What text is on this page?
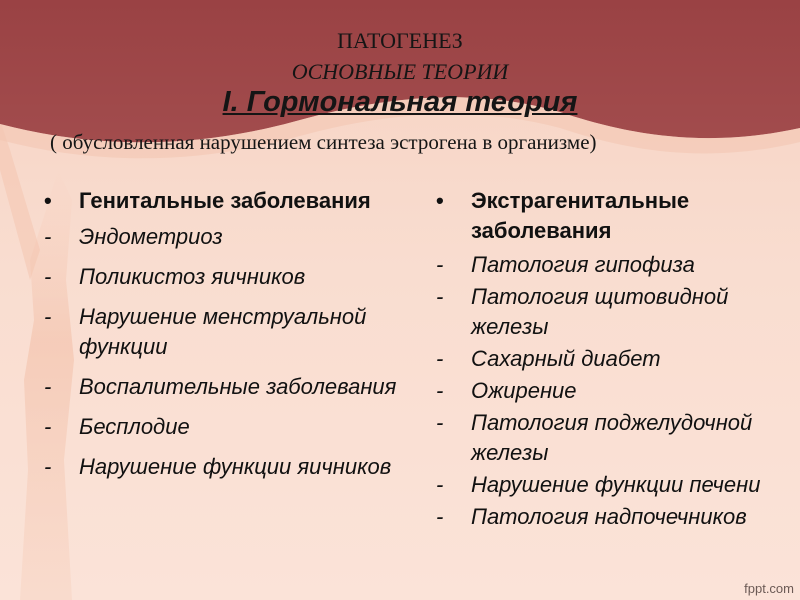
ПАТОГЕНЕЗ
ОСНОВНЫЕ ТЕОРИИ
I. Гормональная теория
( обусловленная нарушением синтеза эстрогена в организме)
•	Генитальные заболевания
-	Эндометриоз
-	Поликистоз яичников
-	Нарушение менструальной функции
-	Воспалительные заболевания
-	Бесплодие
-	Нарушение функции яичников
•	Экстрагенитальные заболевания
-	Патология гипофиза
-	Патология щитовидной железы
-	Сахарный диабет
-	Ожирение
-	Патология поджелудочной железы
-	Нарушение функции печени
-	Патология надпочечников
fppt.com
